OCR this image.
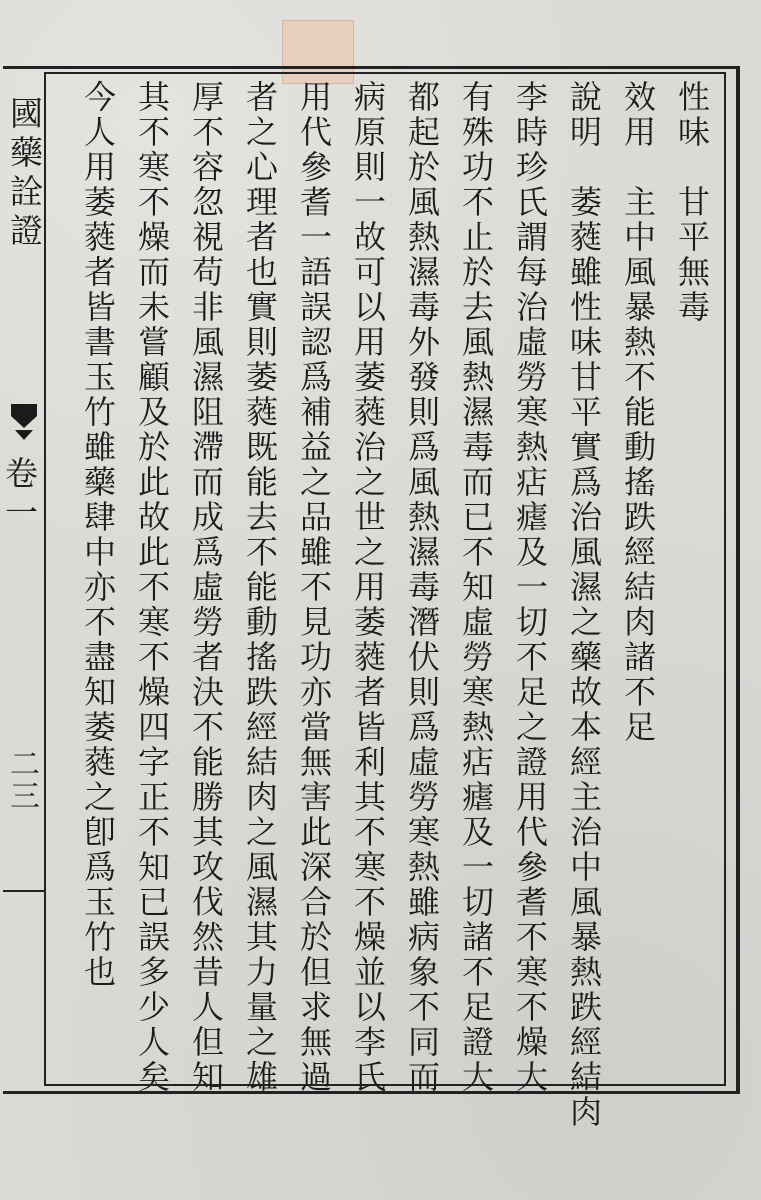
國藥詮證
卷一
二三
性味　甘平無毒
效用　主中風暴熱不能動搖跌經結肉諸不足
說明　萎蕤雖性味甘平實爲治風濕之藥故本經主治中風暴熱跌經結肉
李時珍氏謂每治虛勞寒熱痁瘧及一切不足之證用代參耆不寒不燥大
有殊功不止於去風熱濕毒而已不知虛勞寒熱痁瘧及一切諸不足證大
都起於風熱濕毒外發則爲風熱濕毒潛伏則爲虛勞寒熱雖病象不同而
病原則一故可以用萎蕤治之世之用萎蕤者皆利其不寒不燥並以李氏
用代參耆一語誤認爲補益之品雖不見功亦當無害此深合於但求無過
者之心理者也實則萎蕤既能去不能動搖跌經結肉之風濕其力量之雄
厚不容忽視苟非風濕阻滯而成爲虛勞者決不能勝其攻伐然昔人但知
其不寒不燥而未嘗顧及於此故此不寒不燥四字正不知已誤多少人矣
今人用萎蕤者皆書玉竹雖藥肆中亦不盡知萎蕤之卽爲玉竹也
